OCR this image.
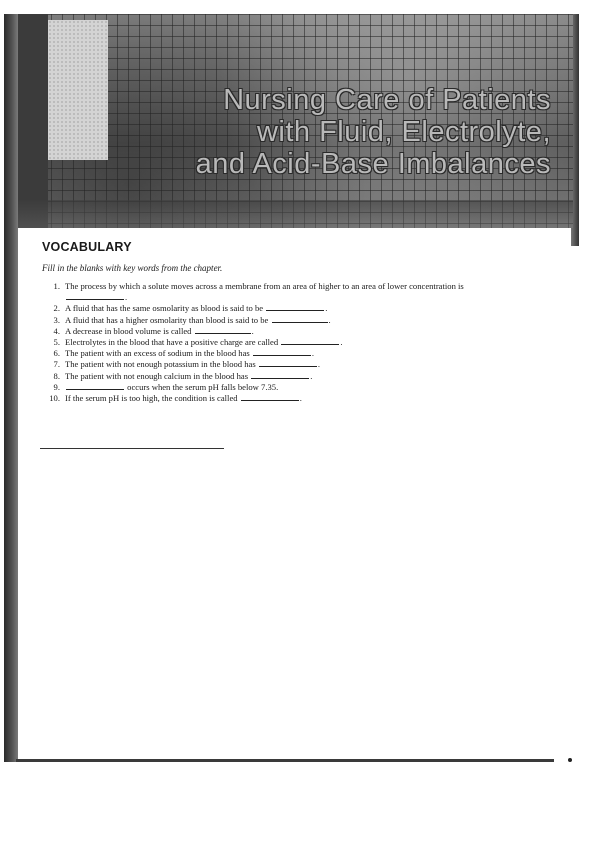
Nursing Care of Patients
with Fluid, Electrolyte,
and Acid-Base Imbalances
VOCABULARY
Fill in the blanks with key words from the chapter.
1. The process by which a solute moves across a membrane from an area of higher to an area of lower concentration is .
2. A fluid that has the same osmolarity as blood is said to be	.
3. A fluid that has a higher osmolarity than blood is said to be	.
4. A decrease in blood volume is called	.
5. Electrolytes in the blood that have a positive charge are called	.
6. The patient with an excess of sodium in the blood has	.
7. The patient with not enough potassium in the blood has	.
8. The patient with not enough calcium in the blood has	.
9.	occurs when the serum pH falls below 7.35.
10. If the serum pH is too high, the condition is called	.
